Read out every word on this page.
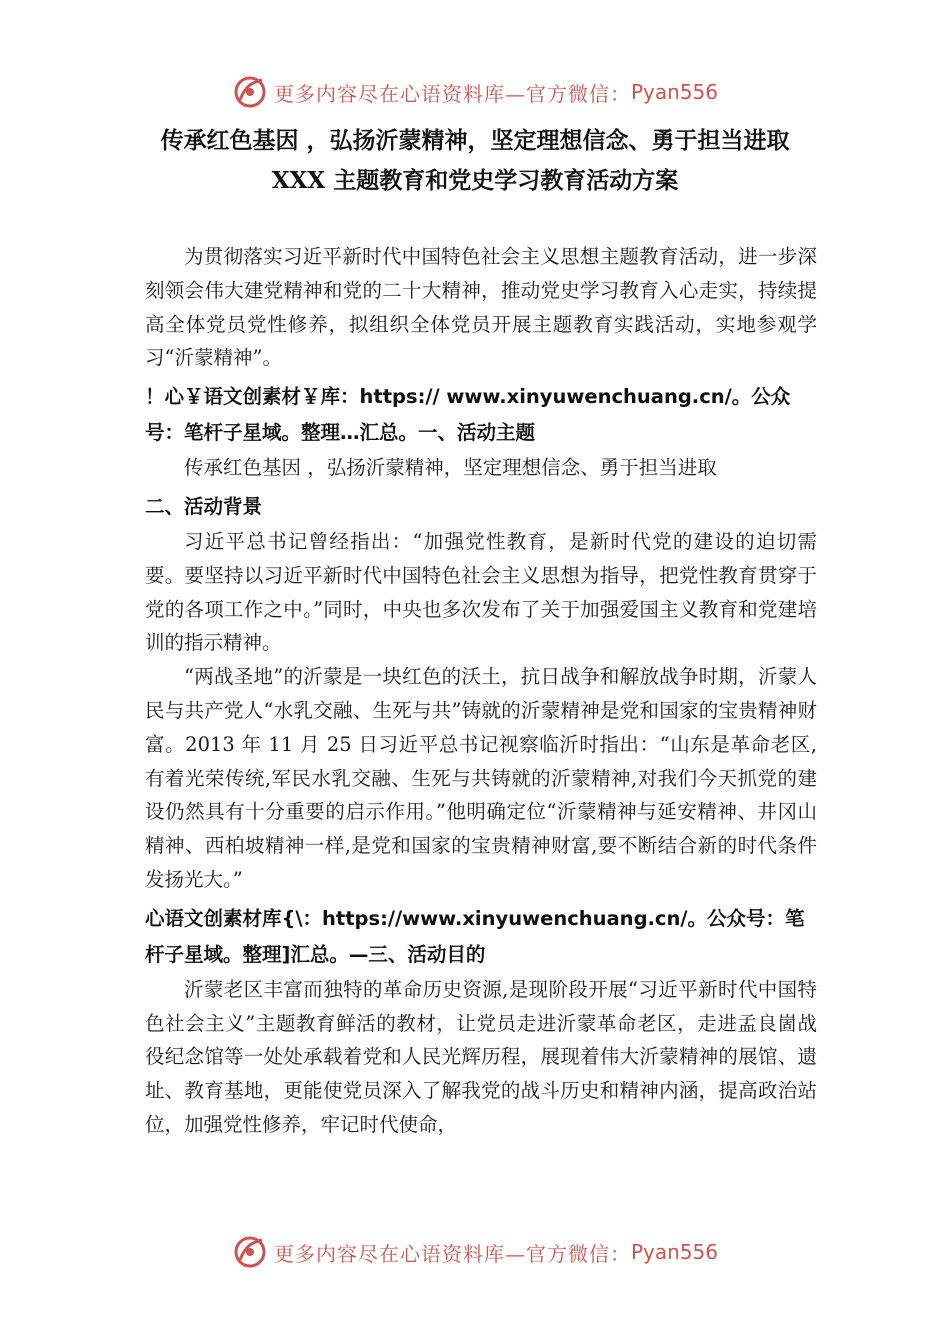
更多内容尽在心语资料库—官方微信： Pyan556
传承红色基因 ，弘扬沂蒙精神，坚定理想信念、勇于担当进取
XXX 主题教育和党史学习教育活动方案

为贯彻落实习近平新时代中国特色社会主义思想主题教育活动，进一步深刻领会伟大建党精神和党的二十大精神，推动党史学习教育入心走实，持续提高全体党员党性修养，拟组织全体党员开展主题教育实践活动，实地参观学习“沂蒙精神”。

！心￥语文创素材￥库：https:// www.xinyuwenchuang.cn/。公众号：笔杆子星域。整理…汇总。一、活动主题

传承红色基因 ，弘扬沂蒙精神，坚定理想信念、勇于担当进取

二、活动背景

习近平总书记曾经指出：“加强党性教育，是新时代党的建设的迫切需要。要坚持以习近平新时代中国特色社会主义思想为指导，把党性教育贯穿于党的各项工作之中。”同时，中央也多次发布了关于加强爱国主义教育和党建培训的指示精神。

“两战圣地”的沂蒙是一块红色的沃土，抗日战争和解放战争时期，沂蒙人民与共产党人“水乳交融、生死与共”铸就的沂蒙精神是党和国家的宝贵精神财富。2013 年 11 月 25 日习近平总书记视察临沂时指出：“山东是革命老区,有着光荣传统,军民水乳交融、生死与共铸就的沂蒙精神,对我们今天抓党的建设仍然具有十分重要的启示作用。”他明确定位“沂蒙精神与延安精神、井冈山精神、西柏坡精神一样,是党和国家的宝贵精神财富,要不断结合新的时代条件发扬光大。”

心语文创素材库{\：https://www.xinyuwenchuang.cn/。公众号：笔杆子星域。整理]汇总。—三、活动目的

沂蒙老区丰富而独特的革命历史资源,是现阶段开展“习近平新时代中国特色社会主义”主题教育鲜活的教材，让党员走进沂蒙革命老区，走进孟良崮战役纪念馆等一处处承载着党和人民光辉历程，展现着伟大沂蒙精神的展馆、遗址、教育基地，更能使党员深入了解我党的战斗历史和精神内涵，提高政治站位，加强党性修养，牢记时代使命，

更多内容尽在心语资料库—官方微信： Pyan556
